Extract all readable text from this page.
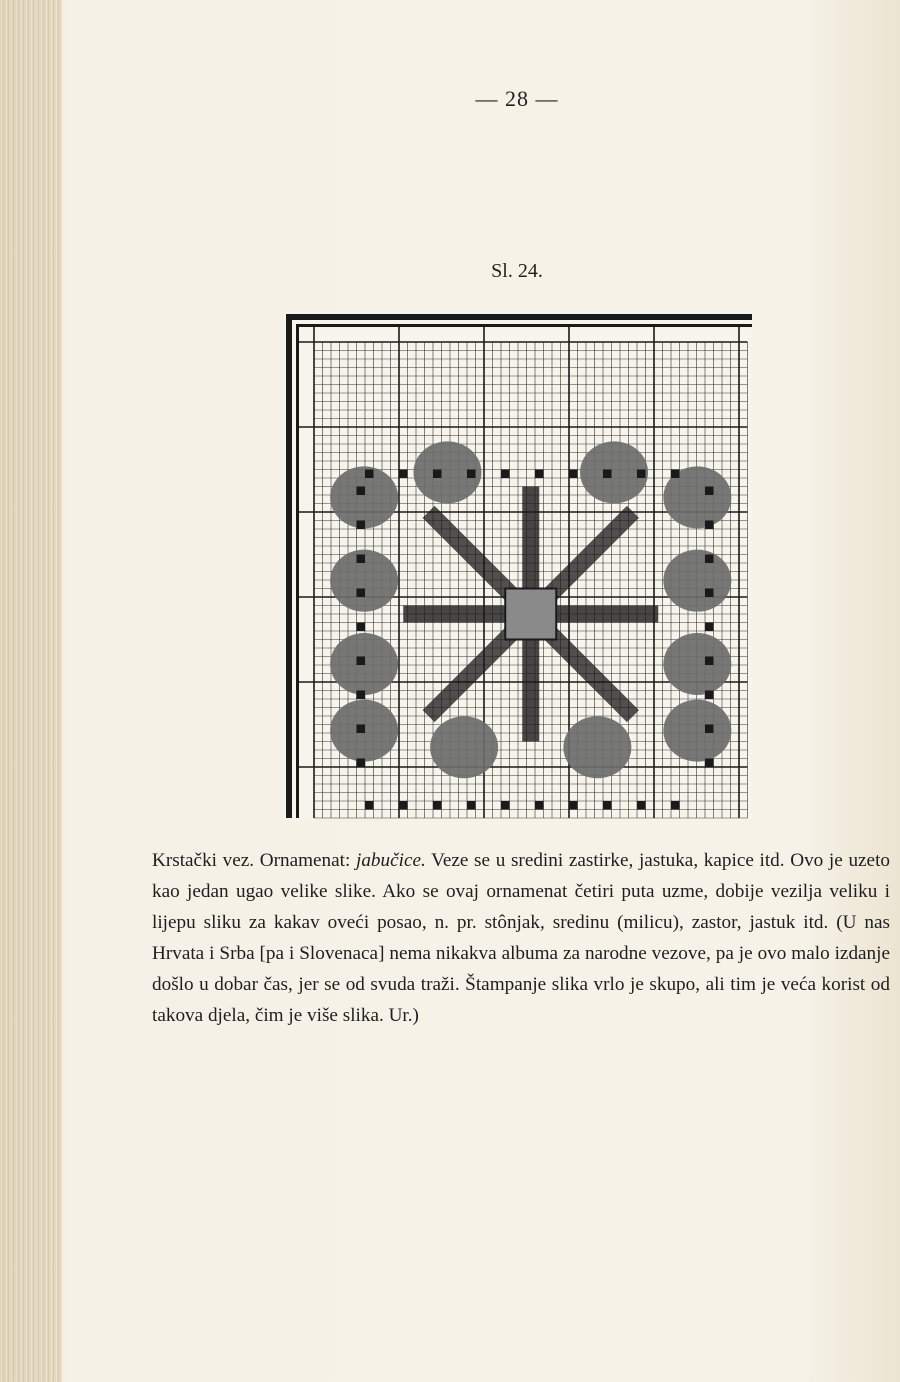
— 28 —
Sl. 24.

Krstački vez. Ornamenat: jabučice. Veze se u sredini zastirke, jastuka, kapice itd. Ovo je uzeto kao jedan ugao velike slike. Ako se ovaj ornamenat četiri puta uzme, dobije vezilja veliku i lijepu sliku za kakav oveći posao, n. pr. stônjak, sredinu (milicu), zastor, jastuk itd. (U nas Hrvata i Srba [pa i Slovenaca] nema nikakva albuma za narodne vezove, pa je ovo malo izdanje došlo u dobar čas, jer se od svuda traži. Štampanje slika vrlo je skupo, ali tim je veća korist od takova djela, čim je više slika. Ur.)
